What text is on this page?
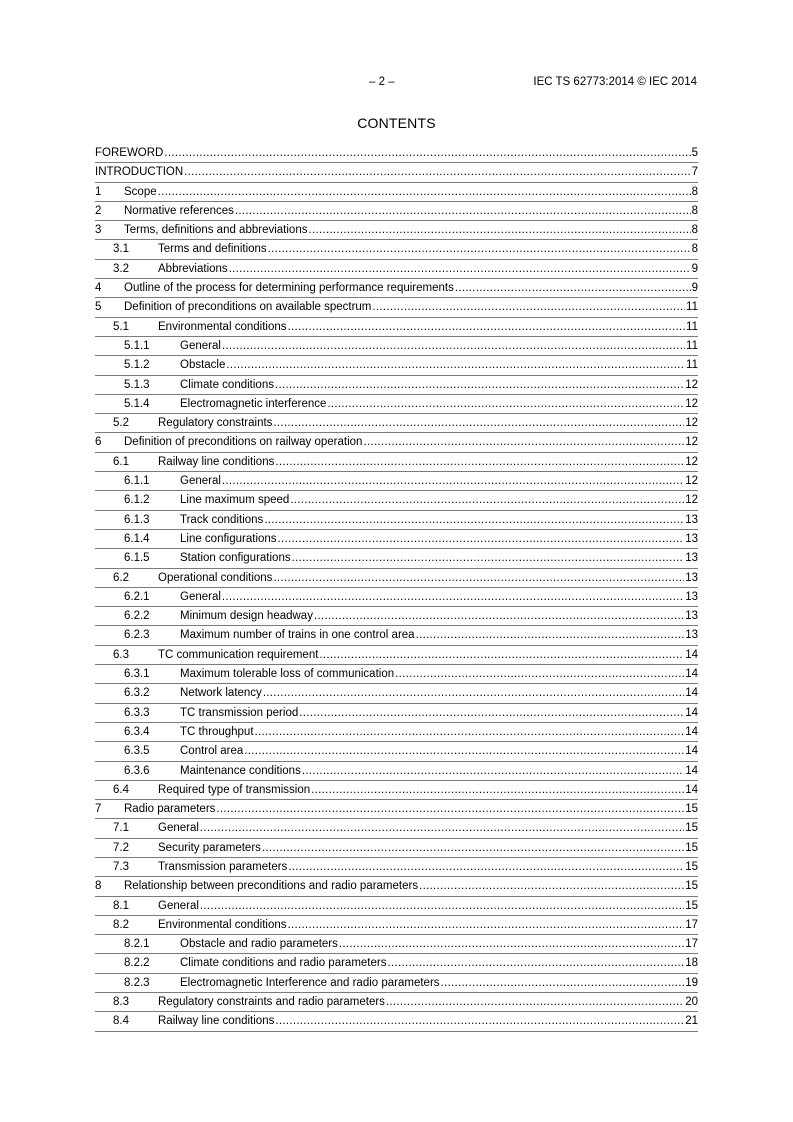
– 2 –	IEC TS 62773:2014 © IEC 2014
CONTENTS
FOREWORD .....	5
INTRODUCTION .....	7
1	Scope .....	8
2	Normative references .....	8
3	Terms, definitions and abbreviations .....	8
3.1	Terms and definitions .....	8
3.2	Abbreviations .....	9
4	Outline of the process for determining performance requirements .....	9
5	Definition of preconditions on available spectrum .....	11
5.1	Environmental conditions .....	11
5.1.1	General .....	11
5.1.2	Obstacle .....	11
5.1.3	Climate conditions .....	12
5.1.4	Electromagnetic interference .....	12
5.2	Regulatory constraints .....	12
6	Definition of preconditions on railway operation .....	12
6.1	Railway line conditions .....	12
6.1.1	General .....	12
6.1.2	Line maximum speed .....	12
6.1.3	Track conditions .....	13
6.1.4	Line configurations .....	13
6.1.5	Station configurations .....	13
6.2	Operational conditions .....	13
6.2.1	General .....	13
6.2.2	Minimum design headway .....	13
6.2.3	Maximum number of trains in one control area .....	13
6.3	TC communication requirement .....	14
6.3.1	Maximum tolerable loss of communication .....	14
6.3.2	Network latency .....	14
6.3.3	TC transmission period .....	14
6.3.4	TC throughput .....	14
6.3.5	Control area .....	14
6.3.6	Maintenance conditions .....	14
6.4	Required type of transmission .....	14
7	Radio parameters .....	15
7.1	General .....	15
7.2	Security parameters .....	15
7.3	Transmission parameters .....	15
8	Relationship between preconditions and radio parameters .....	15
8.1	General .....	15
8.2	Environmental conditions .....	17
8.2.1	Obstacle and radio parameters .....	17
8.2.2	Climate conditions and radio parameters .....	18
8.2.3	Electromagnetic Interference and radio parameters .....	19
8.3	Regulatory constraints and radio parameters .....	20
8.4	Railway line conditions .....	21
